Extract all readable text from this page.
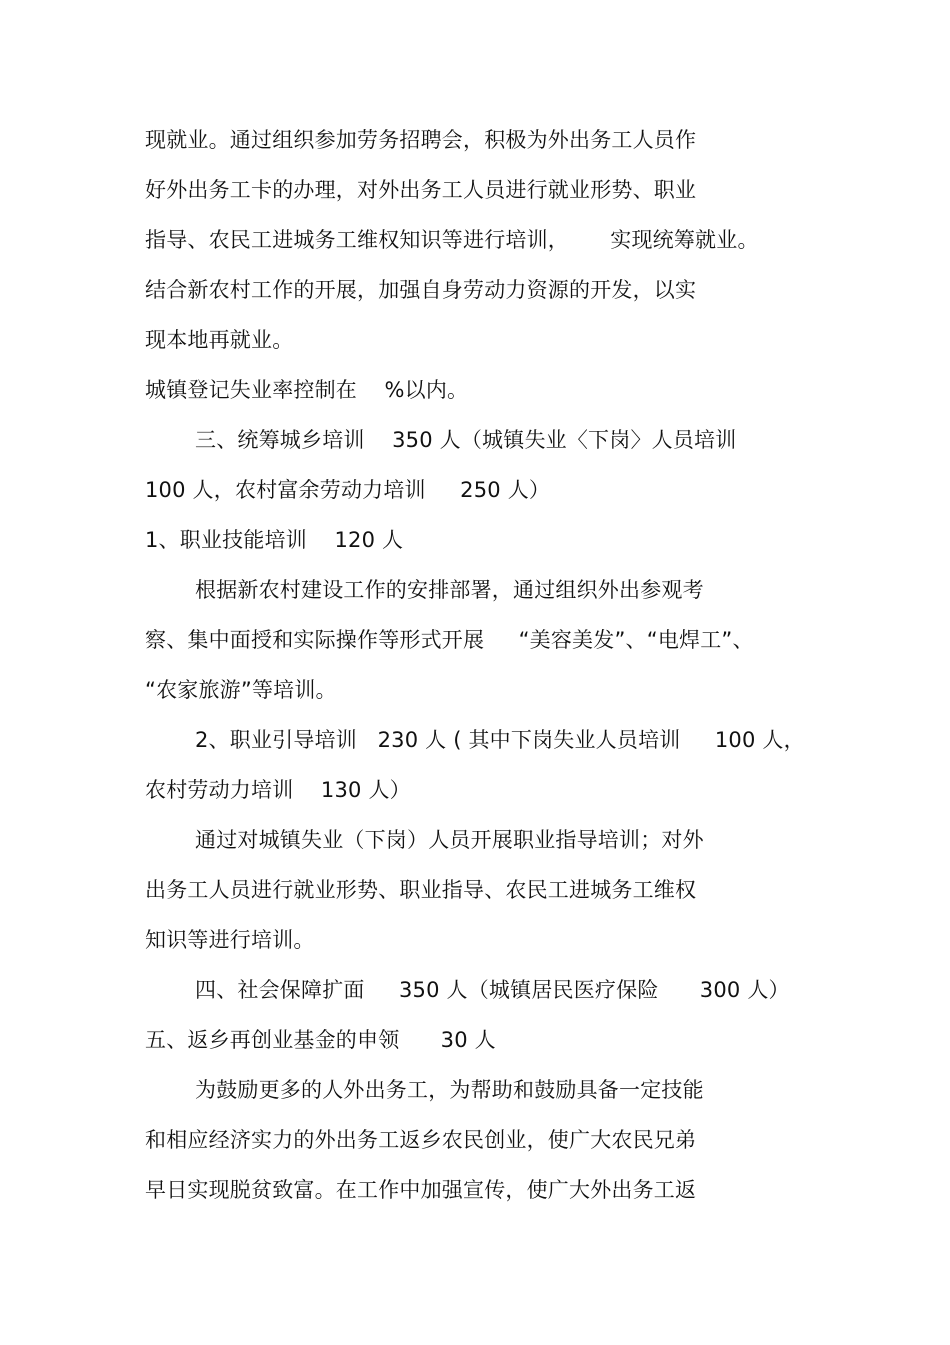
现就业。通过组织参加劳务招聘会，积极为外出务工人员作
好外出务工卡的办理，对外出务工人员进行就业形势、职业
指导、农民工进城务工维权知识等进行培训，      实现统筹就业。
结合新农村工作的开展，加强自身劳动力资源的开发，以实
现本地再就业。
城镇登记失业率控制在    %以内。
三、统筹城乡培训    350 人（城镇失业〈下岗〉人员培训
100 人，农村富余劳动力培训     250 人）
1、职业技能培训    120 人
根据新农村建设工作的安排部署，通过组织外出参观考
察、集中面授和实际操作等形式开展     “美容美发”、“电焊工”、
“农家旅游”等培训。
2、职业引导培训   230 人 ( 其中下岗失业人员培训     100 人，
农村劳动力培训    130 人）
通过对城镇失业（下岗）人员开展职业指导培训；对外
出务工人员进行就业形势、职业指导、农民工进城务工维权
知识等进行培训。
四、社会保障扩面     350 人（城镇居民医疗保险      300 人）
五、返乡再创业基金的申领      30 人
为鼓励更多的人外出务工，为帮助和鼓励具备一定技能
和相应经济实力的外出务工返乡农民创业，使广大农民兄弟
早日实现脱贫致富。在工作中加强宣传，使广大外出务工返
